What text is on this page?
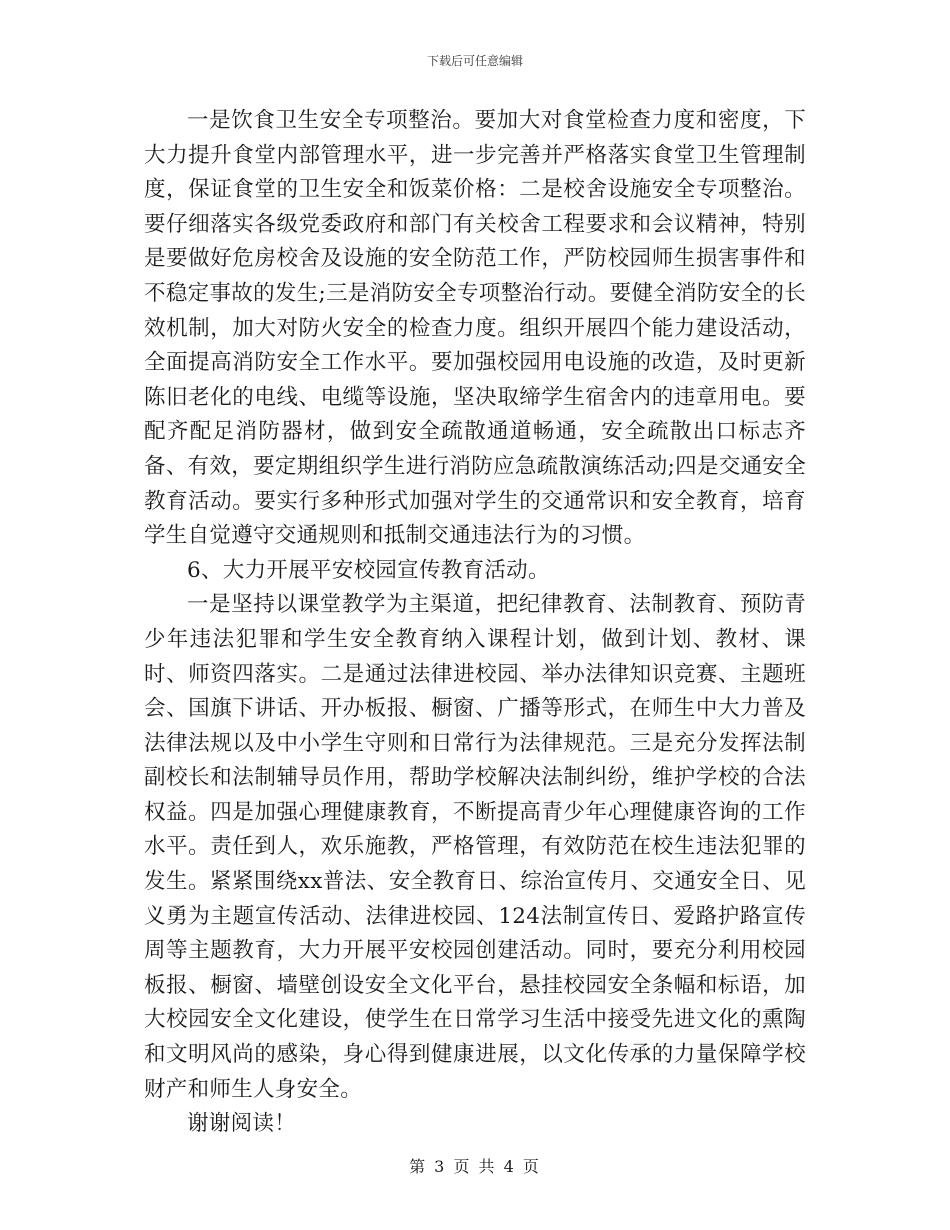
下载后可任意编辑

一是饮食卫生安全专项整治。要加大对食堂检查力度和密度，下大力提升食堂内部管理水平，进一步完善并严格落实食堂卫生管理制度，保证食堂的卫生安全和饭菜价格：二是校舍设施安全专项整治。要仔细落实各级党委政府和部门有关校舍工程要求和会议精神，特别是要做好危房校舍及设施的安全防范工作，严防校园师生损害事件和不稳定事故的发生;三是消防安全专项整治行动。要健全消防安全的长效机制，加大对防火安全的检查力度。组织开展四个能力建设活动，全面提高消防安全工作水平。要加强校园用电设施的改造，及时更新陈旧老化的电线、电缆等设施，坚决取缔学生宿舍内的违章用电。要配齐配足消防器材，做到安全疏散通道畅通，安全疏散出口标志齐备、有效，要定期组织学生进行消防应急疏散演练活动;四是交通安全教育活动。要实行多种形式加强对学生的交通常识和安全教育，培育学生自觉遵守交通规则和抵制交通违法行为的习惯。

6、大力开展平安校园宣传教育活动。

一是坚持以课堂教学为主渠道，把纪律教育、法制教育、预防青少年违法犯罪和学生安全教育纳入课程计划，做到计划、教材、课时、师资四落实。二是通过法律进校园、举办法律知识竞赛、主题班会、国旗下讲话、开办板报、橱窗、广播等形式，在师生中大力普及法律法规以及中小学生守则和日常行为法律规范。三是充分发挥法制副校长和法制辅导员作用，帮助学校解决法制纠纷，维护学校的合法权益。四是加强心理健康教育，不断提高青少年心理健康咨询的工作水平。责任到人，欢乐施教，严格管理，有效防范在校生违法犯罪的发生。紧紧围绕xx普法、安全教育日、综治宣传月、交通安全日、见义勇为主题宣传活动、法律进校园、124法制宣传日、爱路护路宣传周等主题教育，大力开展平安校园创建活动。同时，要充分利用校园板报、橱窗、墙壁创设安全文化平台，悬挂校园安全条幅和标语，加大校园安全文化建设，使学生在日常学习生活中接受先进文化的熏陶和文明风尚的感染，身心得到健康进展，以文化传承的力量保障学校财产和师生人身安全。

谢谢阅读！

第 3 页 共 4 页
